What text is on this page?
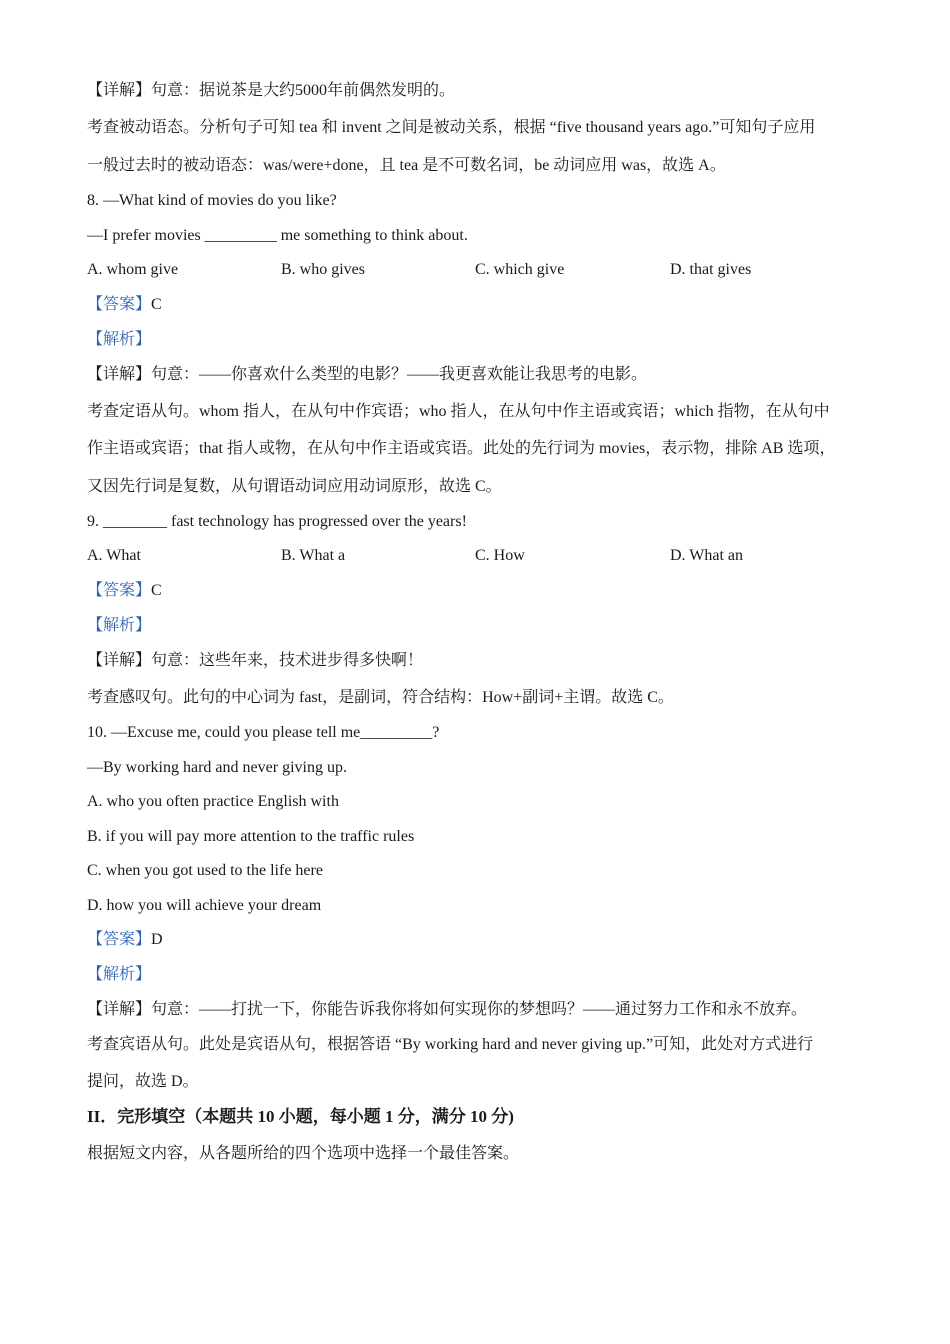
【详解】句意：据说茶是大约5000年前偶然发明的。
考查被动语态。分析句子可知 tea 和 invent 之间是被动关系，根据 “five thousand years ago.”可知句子应用
一般过去时的被动语态：was/were+done，且 tea 是不可数名词，be 动词应用 was，故选 A。
8. —What kind of movies do you like?
—I prefer movies _________ me something to think about.
A. whom give	B. who gives	C. which give	D. that gives
【答案】C
【解析】
【详解】句意：——你喜欢什么类型的电影？——我更喜欢能让我思考的电影。
考查定语从句。whom 指人，在从句中作宾语；who 指人，在从句中作主语或宾语；which 指物，在从句中
作主语或宾语；that 指人或物，在从句中作主语或宾语。此处的先行词为 movies，表示物，排除 AB 选项，
又因先行词是复数，从句谓语动词应用动词原形，故选 C。
9. ________ fast technology has progressed over the years!
A. What	B. What a	C. How	D. What an
【答案】C
【解析】
【详解】句意：这些年来，技术进步得多快啊！
考查感叹句。此句的中心词为 fast，是副词，符合结构：How+副词+主谓。故选 C。
10. —Excuse me, could you please tell me_________?
—By working hard and never giving up.
A. who you often practice English with
B. if you will pay more attention to the traffic rules
C. when you got used to the life here
D. how you will achieve your dream
【答案】D
【解析】
【详解】句意：——打扰一下，你能告诉我你将如何实现你的梦想吗？——通过努力工作和永不放弃。
考查宾语从句。此处是宾语从句，根据答语 “By working hard and never giving up.”可知，此处对方式进行
提问，故选 D。
II．完形填空（本题共 10 小题，每小题 1 分，满分 10 分)
根据短文内容，从各题所给的四个选项中选择一个最佳答案。
